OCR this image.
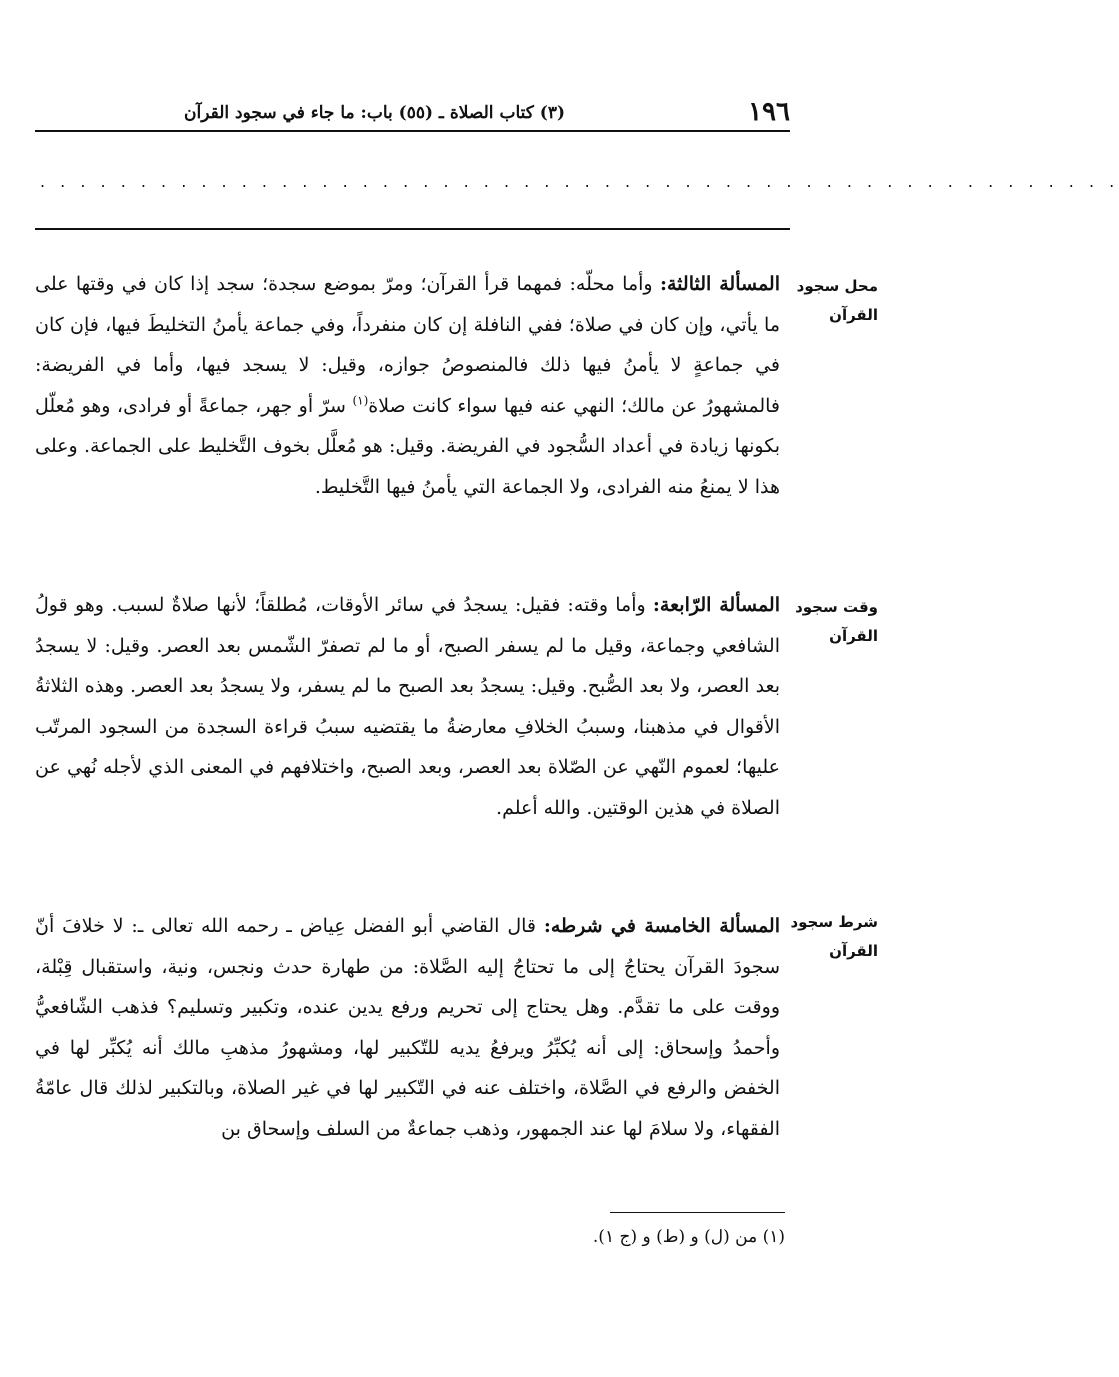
١٩٦
(٣) كتاب الصلاة ـ (٥٥) باب: ما جاء في سجود القرآن
. . . . . . . . . . . . . . . . . . . . . . . . . . . . . . . . . . . . . . . . . . . . . . . . . . . . . .
محل سجود القرآن
المسألة الثالثة: وأما محلّه: فمهما قرأ القرآن؛ ومرّ بموضع سجدة؛ سجد إذا كان في وقتها على ما يأتي، وإن كان في صلاة؛ ففي النافلة إن كان منفرداً، وفي جماعة يأمنُ التخليطَ فيها، فإن كان في جماعةٍ لا يأمنُ فيها ذلك فالمنصوصُ جوازه، وقيل: لا يسجد فيها، وأما في الفريضة: فالمشهورُ عن مالك؛ النهي عنه فيها سواء كانت صلاة$^{(١)}$ سرّ أو جهر، جماعةً أو فرادى، وهو مُعلّل بكونها زيادة في أعداد السُّجود في الفريضة. وقيل: هو مُعلَّل بخوف التَّخليط على الجماعة. وعلى هذا لا يمنعُ منه الفرادى، ولا الجماعة التي يأمنُ فيها التَّخليط.
وقت سجود القرآن
المسألة الرّابعة: وأما وقته: فقيل: يسجدُ في سائر الأوقات، مُطلقاً؛ لأنها صلاةٌ لسبب. وهو قولُ الشافعي وجماعة، وقيل ما لم يسفر الصبح، أو ما لم تصفرّ الشّمس بعد العصر. وقيل: لا يسجدُ بعد العصر، ولا بعد الصُّبح. وقيل: يسجدُ بعد الصبح ما لم يسفر، ولا يسجدُ بعد العصر. وهذه الثلاثةُ الأقوال في مذهبنا، وسببُ الخلافِ معارضةُ ما يقتضيه سببُ قراءة السجدة من السجود المرتّب عليها؛ لعموم النّهي عن الصّلاة بعد العصر، وبعد الصبح، واختلافهم في المعنى الذي لأجله نُهي عن الصلاة في هذين الوقتين. والله أعلم.
شرط سجود القرآن
المسألة الخامسة في شرطه: قال القاضي أبو الفضل عِياض ـ رحمه الله تعالى ـ: لا خلافَ أنّ سجودَ القرآن يحتاجُ إلى ما تحتاجُ إليه الصَّلاة: من طهارة حدث ونجس، ونية، واستقبال قِبْلة، ووقت على ما تقدَّم. وهل يحتاج إلى تحريم ورفع يدين عنده، وتكبير وتسليم؟ فذهب الشّافعيُّ وأحمدُ وإسحاق: إلى أنه يُكبِّرُ ويرفعُ يديه للتّكبير لها، ومشهورُ مذهبِ مالك أنه يُكبِّر لها في الخفض والرفع في الصَّلاة، واختلف عنه في التّكبير لها في غير الصلاة، وبالتكبير لذلك قال عامّةُ الفقهاء، ولا سلامَ لها عند الجمهور، وذهب جماعةٌ من السلف وإسحاق بن
(١) من (ل) و (ط) و (ج ١).
